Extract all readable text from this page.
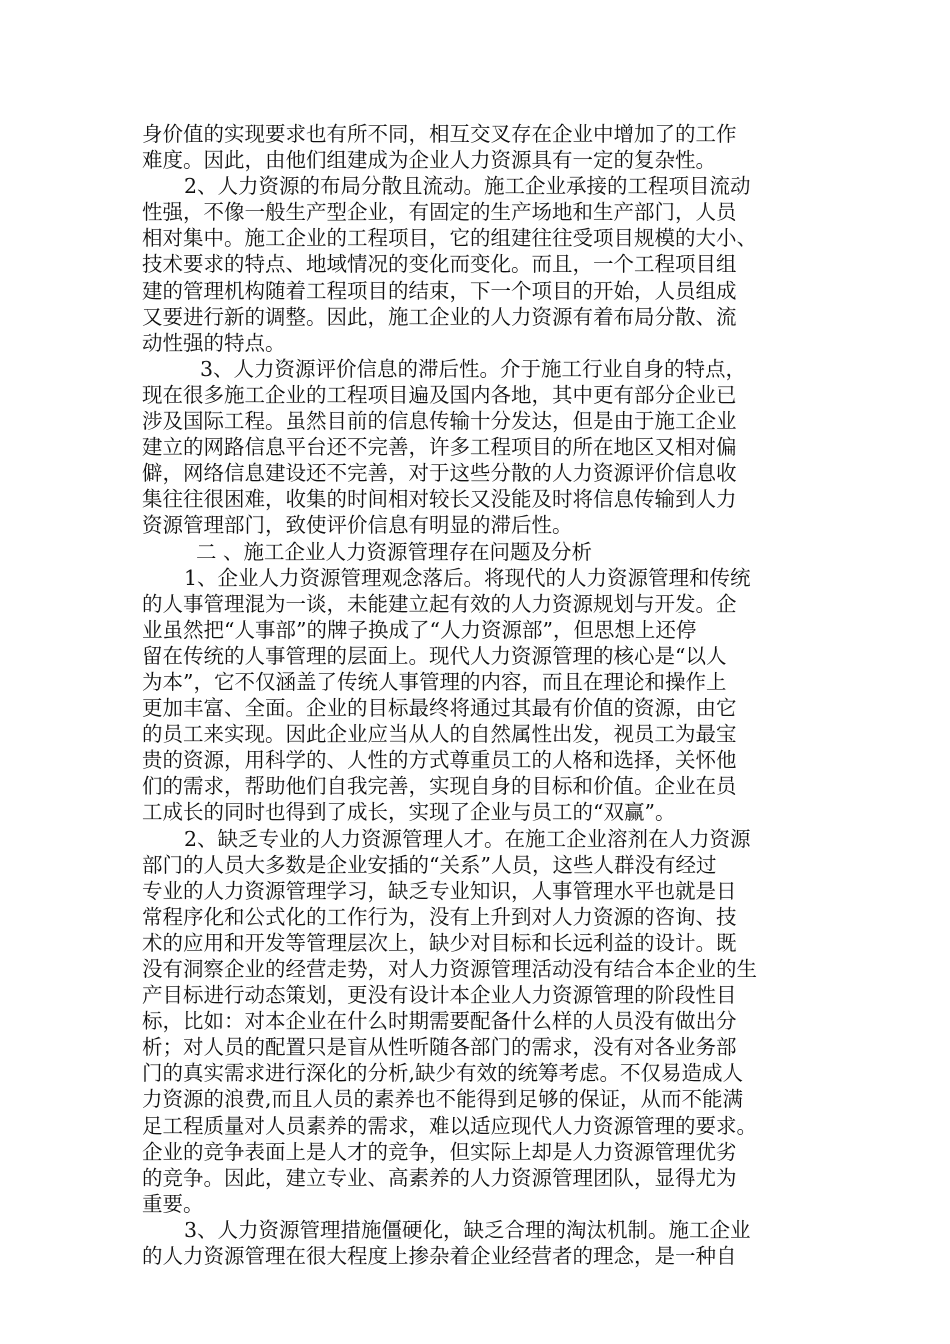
身价值的实现要求也有所不同，相互交叉存在企业中增加了的工作
难度。因此，由他们组建成为企业人力资源具有一定的复杂性。
2、人力资源的布局分散且流动。施工企业承接的工程项目流动
性强，不像一般生产型企业，有固定的生产场地和生产部门，人员
相对集中。施工企业的工程项目，它的组建往往受项目规模的大小、
技术要求的特点、地域情况的变化而变化。而且，一个工程项目组
建的管理机构随着工程项目的结束，下一个项目的开始，人员组成
又要进行新的调整。因此，施工企业的人力资源有着布局分散、流
动性强的特点。
3、人力资源评价信息的滞后性。介于施工行业自身的特点，
现在很多施工企业的工程项目遍及国内各地，其中更有部分企业已
涉及国际工程。虽然目前的信息传输十分发达，但是由于施工企业
建立的网路信息平台还不完善，许多工程项目的所在地区又相对偏
僻，网络信息建设还不完善，对于这些分散的人力资源评价信息收
集往往很困难，收集的时间相对较长又没能及时将信息传输到人力
资源管理部门，致使评价信息有明显的滞后性。
二 、施工企业人力资源管理存在问题及分析
1、企业人力资源管理观念落后。将现代的人力资源管理和传统
的人事管理混为一谈，未能建立起有效的人力资源规划与开发。企
业虽然把“人事部”的牌子换成了“人力资源部”，但思想上还停
留在传统的人事管理的层面上。现代人力资源管理的核心是“以人
为本”，它不仅涵盖了传统人事管理的内容，而且在理论和操作上
更加丰富、全面。企业的目标最终将通过其最有价值的资源，由它
的员工来实现。因此企业应当从人的自然属性出发，视员工为最宝
贵的资源，用科学的、人性的方式尊重员工的人格和选择，关怀他
们的需求，帮助他们自我完善，实现自身的目标和价值。企业在员
工成长的同时也得到了成长，实现了企业与员工的“双赢”。
2、缺乏专业的人力资源管理人才。在施工企业溶剂在人力资源
部门的人员大多数是企业安插的“关系”人员，这些人群没有经过
专业的人力资源管理学习，缺乏专业知识，人事管理水平也就是日
常程序化和公式化的工作行为，没有上升到对人力资源的咨询、技
术的应用和开发等管理层次上，缺少对目标和长远利益的设计。既
没有洞察企业的经营走势，对人力资源管理活动没有结合本企业的生
产目标进行动态策划，更没有设计本企业人力资源管理的阶段性目
标，比如：对本企业在什么时期需要配备什么样的人员没有做出分
析；对人员的配置只是盲从性听随各部门的需求，没有对各业务部
门的真实需求进行深化的分析,缺少有效的统筹考虑。不仅易造成人
力资源的浪费,而且人员的素养也不能得到足够的保证，从而不能满
足工程质量对人员素养的需求，难以适应现代人力资源管理的要求。
企业的竞争表面上是人才的竞争，但实际上却是人力资源管理优劣
的竞争。因此，建立专业、高素养的人力资源管理团队，显得尤为
重要。
3、人力资源管理措施僵硬化，缺乏合理的淘汰机制。施工企业
的人力资源管理在很大程度上掺杂着企业经营者的理念，是一种自
